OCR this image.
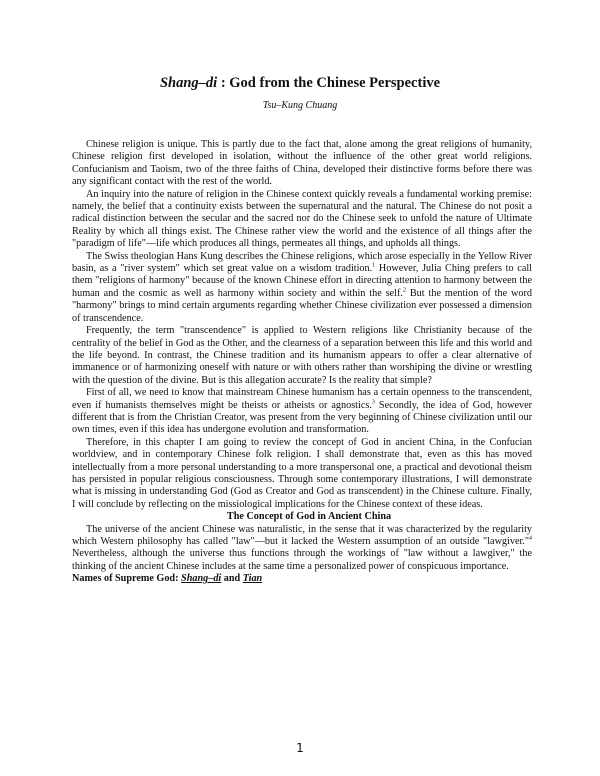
Shang–di : God from the Chinese Perspective
Tsu–Kung Chuang

Chinese religion is unique. This is partly due to the fact that, alone among the great religions of humanity, Chinese religion first developed in isolation, without the influence of the other great world religions. Confucianism and Taoism, two of the three faiths of China, developed their distinctive forms before there was any significant contact with the rest of the world.

An inquiry into the nature of religion in the Chinese context quickly reveals a fundamental working premise: namely, the belief that a continuity exists between the supernatural and the natural. The Chinese do not posit a radical distinction between the secular and the sacred nor do the Chinese seek to unfold the nature of Ultimate Reality by which all things exist. The Chinese rather view the world and the existence of all things after the "paradigm of life"—life which produces all things, permeates all things, and upholds all things.

The Swiss theologian Hans Kung describes the Chinese religions, which arose especially in the Yellow River basin, as a "river system" which set great value on a wisdom tradition.$^1$ However, Julia Ching prefers to call them "religions of harmony" because of the known Chinese effort in directing attention to harmony between the human and the cosmic as well as harmony within society and within the self.$^2$ But the mention of the word "harmony" brings to mind certain arguments regarding whether Chinese civilization ever possessed a dimension of transcendence.

Frequently, the term "transcendence" is applied to Western religions like Christianity because of the centrality of the belief in God as the Other, and the clearness of a separation between this life and this world and the life beyond. In contrast, the Chinese tradition and its humanism appears to offer a clear alternative of immanence or of harmonizing oneself with nature or with others rather than worshiping the divine or wrestling with the question of the divine. But is this allegation accurate? Is the reality that simple?

First of all, we need to know that mainstream Chinese humanism has a certain openness to the transcendent, even if humanists themselves might be theists or atheists or agnostics.$^3$ Secondly, the idea of God, however different that is from the Christian Creator, was present from the very beginning of Chinese civilization until our own times, even if this idea has undergone evolution and transformation.

Therefore, in this chapter I am going to review the concept of God in ancient China, in the Confucian worldview, and in contemporary Chinese folk religion. I shall demonstrate that, even as this has moved intellectually from a more personal understanding to a more transpersonal one, a practical and devotional theism has persisted in popular religious consciousness. Through some contemporary illustrations, I will demonstrate what is missing in understanding God (God as Creator and God as transcendent) in the Chinese culture. Finally, I will conclude by reflecting on the missiological implications for the Chinese context of these ideas.

The Concept of God in Ancient China

The universe of the ancient Chinese was naturalistic, in the sense that it was characterized by the regularity which Western philosophy has called "law"—but it lacked the Western assumption of an outside "lawgiver."$^4$ Nevertheless, although the universe thus functions through the workings of "law without a lawgiver," the thinking of the ancient Chinese includes at the same time a personalized power of conspicuous importance.

Names of Supreme God: Shang–di and Tian

1
